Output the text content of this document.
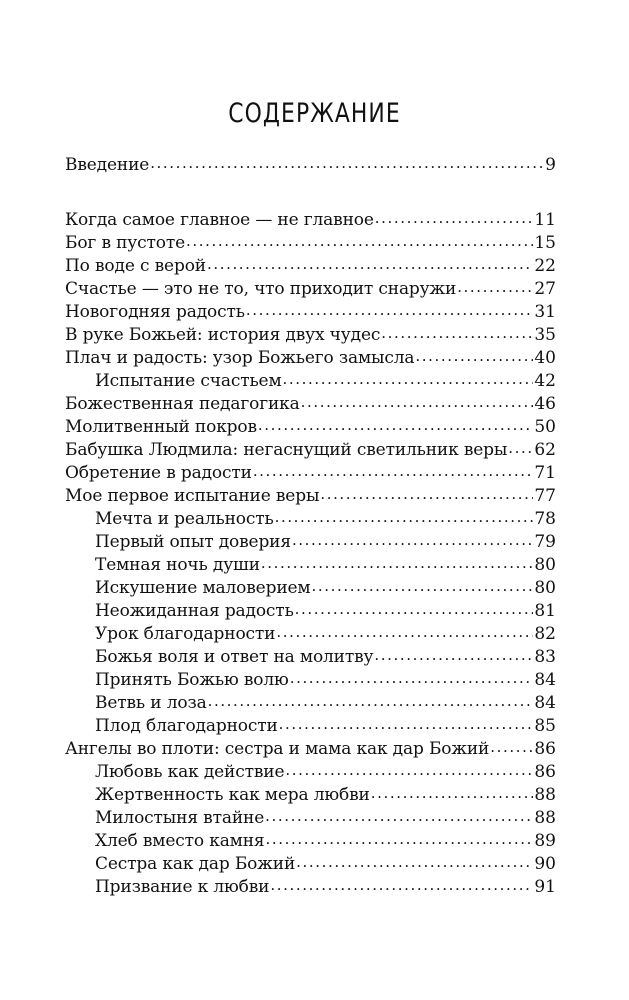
СОДЕРЖАНИЕ
Введение .....	9
Когда самое главное — не главное .....	11
Бог в пустоте .....	15
По воде с верой .....	22
Счастье — это не то, что приходит снаружи .....	27
Новогодняя радость .....	31
В руке Божьей: история двух чудес .....	35
Плач и радость: узор Божьего замысла .....	40
Испытание счастьем .....	42
Божественная педагогика .....	46
Молитвенный покров .....	50
Бабушка Людмила: негаснущий светильник веры ..... 62
Обретение в радости .....	71
Мое первое испытание веры .....	77
Мечта и реальность .....	78
Первый опыт доверия .....	79
Темная ночь души .....	80
Искушение маловерием .....	80
Неожиданная радость .....	81
Урок благодарности .....	82
Божья воля и ответ на молитву .....	83
Принять Божью волю .....	84
Ветвь и лоза .....	84
Плод благодарности .....	85
Ангелы во плоти: сестра и мама как дар Божий .....	86
Любовь как действие .....	86
Жертвенность как мера любви .....	88
Милостыня втайне .....	88
Хлеб вместо камня .....	89
Сестра как дар Божий .....	90
Призвание к любви .....	91
